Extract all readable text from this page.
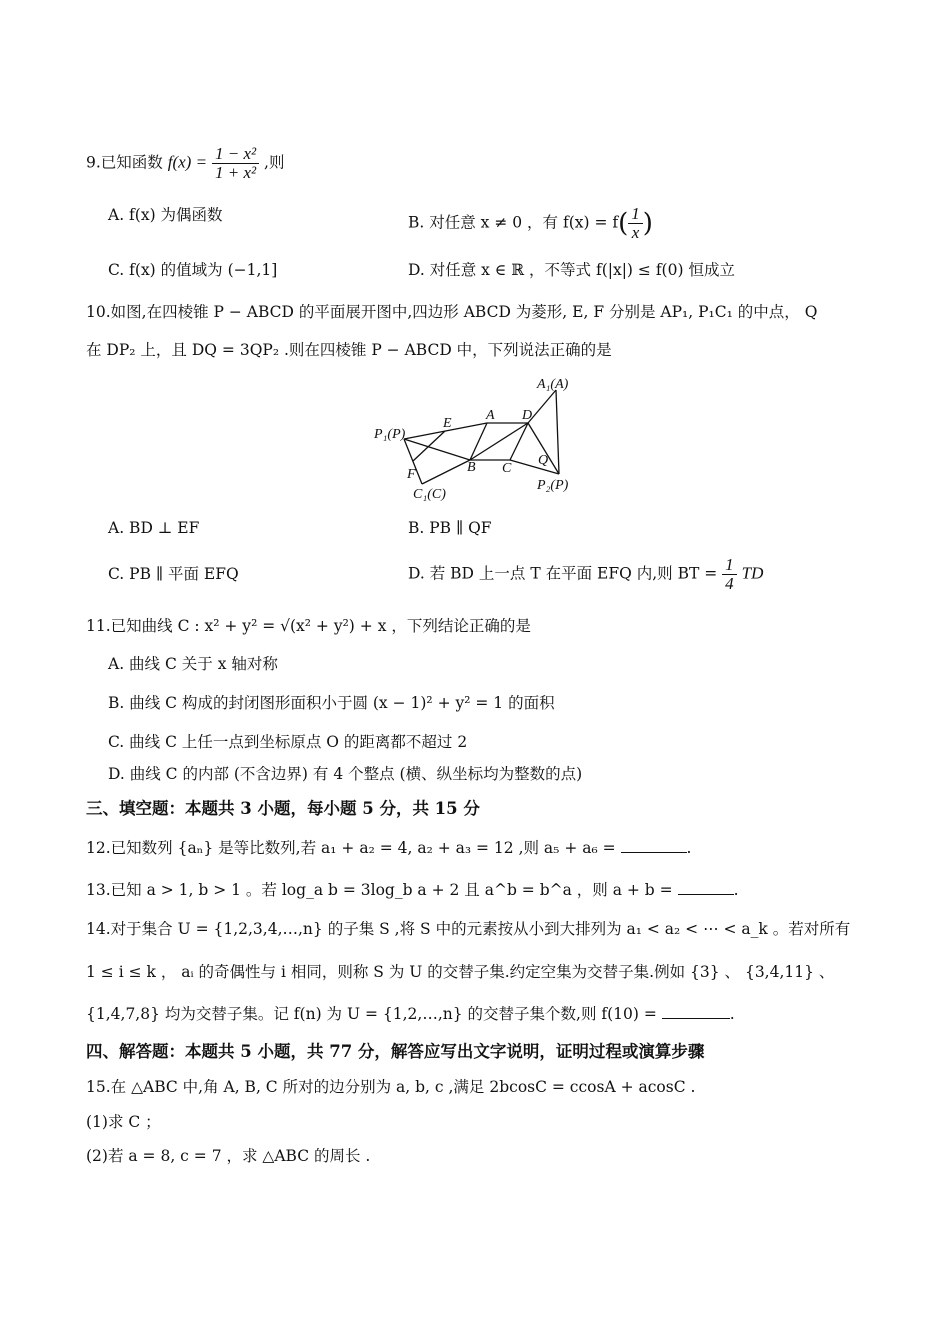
9.已知函数 $f(x) = \frac{\text{1 − x²}}{\text{1 + x²}}$ ,则
A. f(x) 为偶函数	B. 对任意 x ≠ 0 ，有 $f(x) = f( \frac{1}{x}$ )
C. f(x) 的值域为 (−1,1]	D. 对任意 x ∈ ℝ ，不等式 f(|x|) ≤ f(0) 恒成立
10.如图,在四棱锥 P − ABCD 的平面展开图中,四边形 ABCD 为菱形, E, F 分别是 AP₁, P₁C₁ 的中点， Q
在 DP₂ 上，且 DQ = 3QP₂ .则在四棱锥 P − ABCD 中，下列说法正确的是
A₁(A)
P₁(P)
E
A D
F	B C
Q
C₁(C)
P₂(P)
A. BD ⊥ EF	B. PB ∥ QF
C. PB ∥ 平面 EFQ	D. 若 BD 上一点 T 在平面 EFQ 内,则 BT = $\frac{1}{4}$ TD
11.已知曲线 C : x² + y² = √(x² + y²) + x ，下列结论正确的是
A. 曲线 C 关于 x 轴对称
B. 曲线 C 构成的封闭图形面积小于圆 (x − 1)² + y² = 1 的面积
C. 曲线 C 上任一点到坐标原点 O 的距离都不超过 2
D. 曲线 C 的内部 (不含边界) 有 4 个整点 (横、纵坐标均为整数的点)
三、填空题：本题共 3 小题，每小题 5 分，共 15 分
12.已知数列 {aₙ} 是等比数列,若 a₁ + a₂ = 4, a₂ + a₃ = 12 ,则 a₅ + a₆ =	.
13.已知 a > 1, b > 1 。若 log_a b = 3log_b a + 2 且 a^b = b^a ，则 a + b =	.
14.对于集合 U = {1,2,3,4,…,n} 的子集 S ,将 S 中的元素按从小到大排列为 a₁ < a₂ < ⋯ < a_k 。若对所有
1 ≤ i ≤ k ， aᵢ 的奇偶性与 i 相同，则称 S 为 U 的交替子集.约定空集为交替子集.例如 {3} 、 {3,4,11} 、
{1,4,7,8} 均为交替子集。记 f(n) 为 U = {1,2,…,n} 的交替子集个数,则 f(10) =	.
四、解答题：本题共 5 小题，共 77 分，解答应写出文字说明，证明过程或演算步骤
15.在 △ABC 中,角 A, B, C 所对的边分别为 a, b, c ,满足 2bcosC = ccosA + acosC .
(1)求 C ；
(2)若 a = 8, c = 7 ，求 △ABC 的周长 .
